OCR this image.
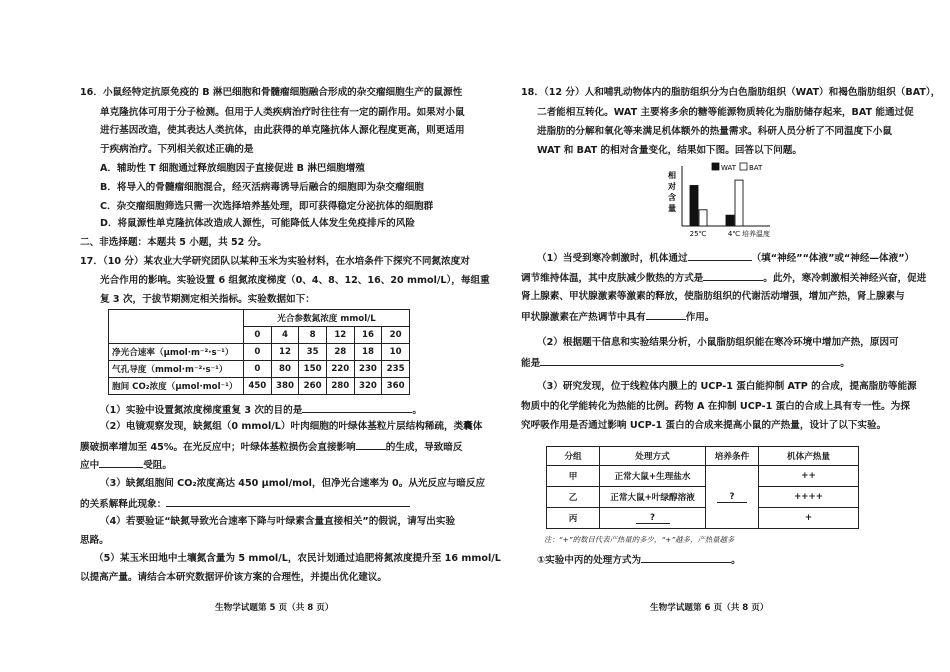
16．小鼠经特定抗原免疫的 B 淋巴细胞和骨髓瘤细胞融合形成的杂交瘤细胞生产的鼠源性
单克隆抗体可用于分子检测。但用于人类疾病治疗时往往有一定的副作用。如果对小鼠
进行基因改造，使其表达人类抗体，由此获得的单克隆抗体人源化程度更高，则更适用
于疾病治疗。下列相关叙述正确的是
A．辅助性 T 细胞通过释放细胞因子直接促进 B 淋巴细胞增殖
B．将导入的骨髓瘤细胞混合，经灭活病毒诱导后融合的细胞即为杂交瘤细胞
C．杂交瘤细胞筛选只需一次选择培养基处理，即可获得稳定分泌抗体的细胞群
D．将鼠源性单克隆抗体改造成人源性，可能降低人体发生免疫排斥的风险
二、非选择题：本题共 5 小题，共 52 分。
17．（10 分）某农业大学研究团队以某种玉米为实验材料，在水培条件下探究不同氮浓度对
光合作用的影响。实验设置 6 组氮浓度梯度（0、4、8、12、16、20 mmol/L），每组重
复 3 次，于拔节期测定相关指标。实验数据如下：
	光合参数氮浓度 mmol/L					
	0	4	8	12	16	20
净光合速率（μmol·m⁻²·s⁻¹）	0	12	35	28	18	10
气孔导度（mmol·m⁻²·s⁻¹）	0	80	150	220	230	235
胞间 CO₂浓度（μmol·mol⁻¹）	450	380	260	280	320	360
（1）实验中设置氮浓度梯度重复 3 次的目的是	。
（2）电镜观察发现，缺氮组（0 mmol/L）叶肉细胞的叶绿体基粒片层结构稀疏，类囊体
膜破损率增加至 45%。在光反应中；叶绿体基粒损伤会直接影响	的生成，导致暗反
应中	受阻。
（3）缺氮组胞间 CO₂浓度高达 450 μmol/mol，但净光合速率为 0。从光反应与暗反应
的关系解释此现象：
（4）若要验证“缺氮导致光合速率下降与叶绿素含量直接相关”的假说，请写出实验
思路。
（5）某玉米田地中土壤氮含量为 5 mmol/L，农民计划通过追肥将氮浓度提升至 16 mmol/L
以提高产量。请结合本研究数据评价该方案的合理性，并提出优化建议。
生物学试题第 5 页（共 8 页）
18．（12 分）人和哺乳动物体内的脂肪组织分为白色脂肪组织（WAT）和褐色脂肪组织（BAT），
二者能相互转化。WAT 主要将多余的糖等能源物质转化为脂肪储存起来，BAT 能通过促
进脂肪的分解和氧化等来满足机体额外的热量需求。科研人员分析了不同温度下小鼠
WAT 和 BAT 的相对含量变化，结果如下图。回答以下问题。
相
对
含
量
WAT BAT
25℃	4℃ 培养温度
（1）当受到寒冷刺激时，机体通过	（填“神经”“体液”或“神经—体液”）
调节维持体温，其中皮肤减少散热的方式是	。此外，寒冷刺激相关神经兴奋，促进
肾上腺素、甲状腺激素等激素的释放，使脂肪组织的代谢活动增强，增加产热，肾上腺素与
甲状腺激素在产热调节中具有	作用。
（2）根据题干信息和实验结果分析，小鼠脂肪组织能在寒冷环境中增加产热，原因可
能是	。
（3）研究发现，位于线粒体内膜上的 UCP-1 蛋白能抑制 ATP 的合成，提高脂肪等能源
物质中的化学能转化为热能的比例。药物 A 在抑制 UCP-1 蛋白的合成上具有专一性。为探
究呼吸作用是否通过影响 UCP-1 蛋白的合成来提高小鼠的产热量，设计了以下实验。
分组	处理方式	培养条件	机体产热量
甲	正常大鼠+生理盐水	?	++
乙	正常大鼠+叶绿醇溶液		++++
丙	?		+
注：“+”的数目代表产热量的多少，“+”越多，产热量越多
①实验中丙的处理方式为	。
生物学试题第 6 页（共 8 页）
